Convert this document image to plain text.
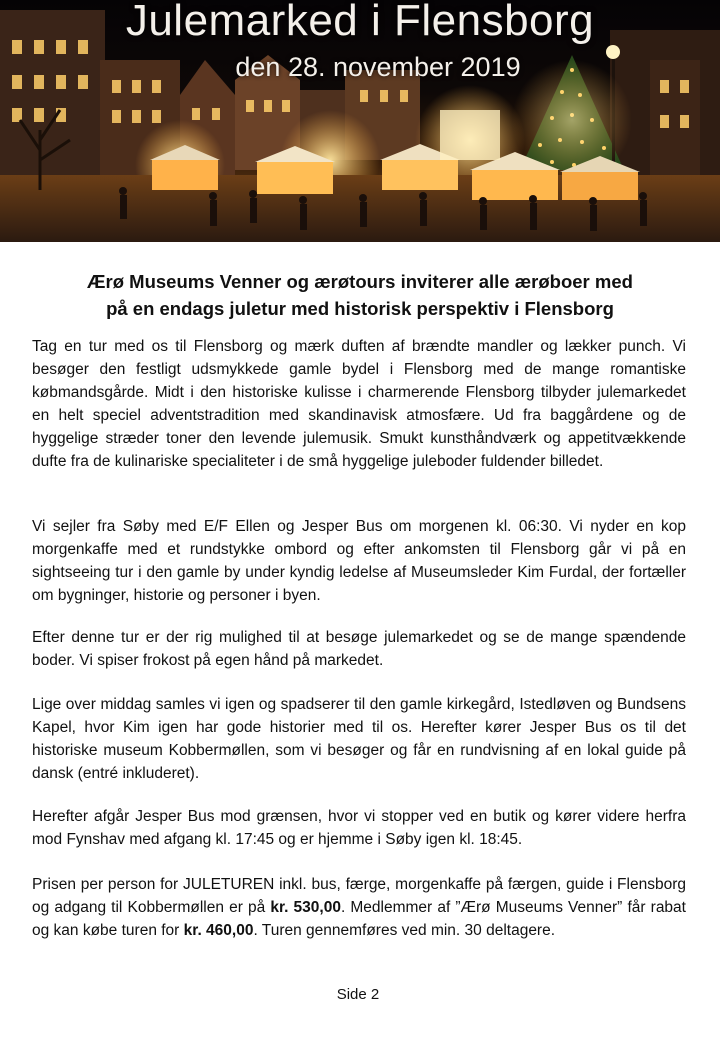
Julemarked i Flensborg
den 28. november 2019
Ærø Museums Venner og ærøtours inviterer alle ærøboer med
på en endags juletur med historisk perspektiv i Flensborg

Tag en tur med os til Flensborg og mærk duften af brændte mandler og lækker punch. Vi besøger den festligt udsmykkede gamle bydel i Flensborg med de mange romantiske købmandsgårde. Midt i den historiske kulisse i charmerende Flensborg tilbyder julemarkedet en helt speciel adventstradition med skandinavisk atmosfære. Ud fra baggårdene og de hyggelige stræder toner den levende julemusik. Smukt kunsthåndværk og appetitvækkende dufte fra de kulinariske specialiteter i de små hyggelige juleboder fuldender billedet.

Vi sejler fra Søby med E/F Ellen og Jesper Bus om morgenen kl. 06:30. Vi nyder en kop morgenkaffe med et rundstykke ombord og efter ankomsten til Flensborg går vi på en sightseeing tur i den gamle by under kyndig ledelse af Museumsleder Kim Furdal, der fortæller om bygninger, historie og personer i byen.

Efter denne tur er der rig mulighed til at besøge julemarkedet og se de mange spændende boder. Vi spiser frokost på egen hånd på markedet.

Lige over middag samles vi igen og spadserer til den gamle kirkegård, Istedløven og Bundsens Kapel, hvor Kim igen har gode historier med til os. Herefter kører Jesper Bus os til det historiske museum Kobbermøllen, som vi besøger og får en rundvisning af en lokal guide på dansk (entré inkluderet).

Herefter afgår Jesper Bus mod grænsen, hvor vi stopper ved en butik og kører videre herfra mod Fynshav med afgang kl. 17:45 og er hjemme i Søby igen kl. 18:45.

Prisen per person for JULETUREN inkl. bus, færge, morgenkaffe på færgen, guide i Flensborg og adgang til Kobbermøllen er på kr. 530,00. Medlemmer af ”Ærø Museums Venner” får rabat og kan købe turen for kr. 460,00. Turen gennemføres ved min. 30 deltagere.

Side 2
